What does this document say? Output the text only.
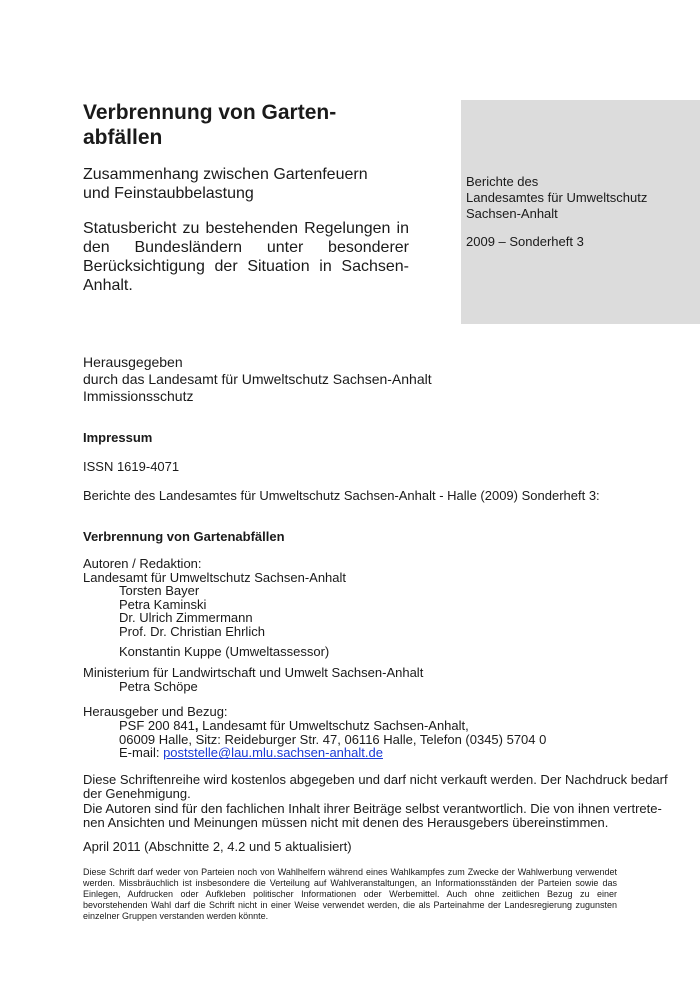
Verbrennung von Garten-
abfällen
Zusammenhang zwischen Gartenfeuern
und Feinstaubbelastung
Statusbericht zu bestehenden Regelungen in den Bundesländern unter besonderer Berücksichtigung der Situation in Sachsen-Anhalt.
Berichte des
Landesamtes für Umweltschutz
Sachsen-Anhalt
2009 – Sonderheft 3
Herausgegeben
durch das Landesamt für Umweltschutz Sachsen-Anhalt
Immissionsschutz
Impressum
ISSN 1619-4071
Berichte des Landesamtes für Umweltschutz Sachsen-Anhalt - Halle (2009) Sonderheft 3:
Verbrennung von Gartenabfällen
Autoren / Redaktion:
Landesamt für Umweltschutz Sachsen-Anhalt
Torsten Bayer
Petra Kaminski
Dr. Ulrich Zimmermann
Prof. Dr. Christian Ehrlich
Konstantin Kuppe (Umweltassessor)
Ministerium für Landwirtschaft und Umwelt Sachsen-Anhalt
Petra Schöpe
Herausgeber und Bezug:
PSF 200 841, Landesamt für Umweltschutz Sachsen-Anhalt,
06009 Halle, Sitz: Reideburger Str. 47, 06116 Halle, Telefon (0345) 5704 0
E-mail: poststelle@lau.mlu.sachsen-anhalt.de
Diese Schriftenreihe wird kostenlos abgegeben und darf nicht verkauft werden. Der Nachdruck bedarf
der Genehmigung.
Die Autoren sind für den fachlichen Inhalt ihrer Beiträge selbst verantwortlich. Die von ihnen vertrete-
nen Ansichten und Meinungen müssen nicht mit denen des Herausgebers übereinstimmen.
April 2011 (Abschnitte 2, 4.2 und 5 aktualisiert)
Diese Schrift darf weder von Parteien noch von Wahlhelfern während eines Wahlkampfes zum Zwecke der Wahlwerbung verwendet werden. Missbräuchlich ist insbesondere die Verteilung auf Wahlveranstaltungen, an Informationsständen der Parteien sowie das Einlegen, Aufdrucken oder Aufkleben politischer Informationen oder Werbemittel. Auch ohne zeitlichen Bezug zu einer bevorstehenden Wahl darf die Schrift nicht in einer Weise verwendet werden, die als Parteinahme der Landesregierung zugunsten einzelner Gruppen verstanden werden könnte.
